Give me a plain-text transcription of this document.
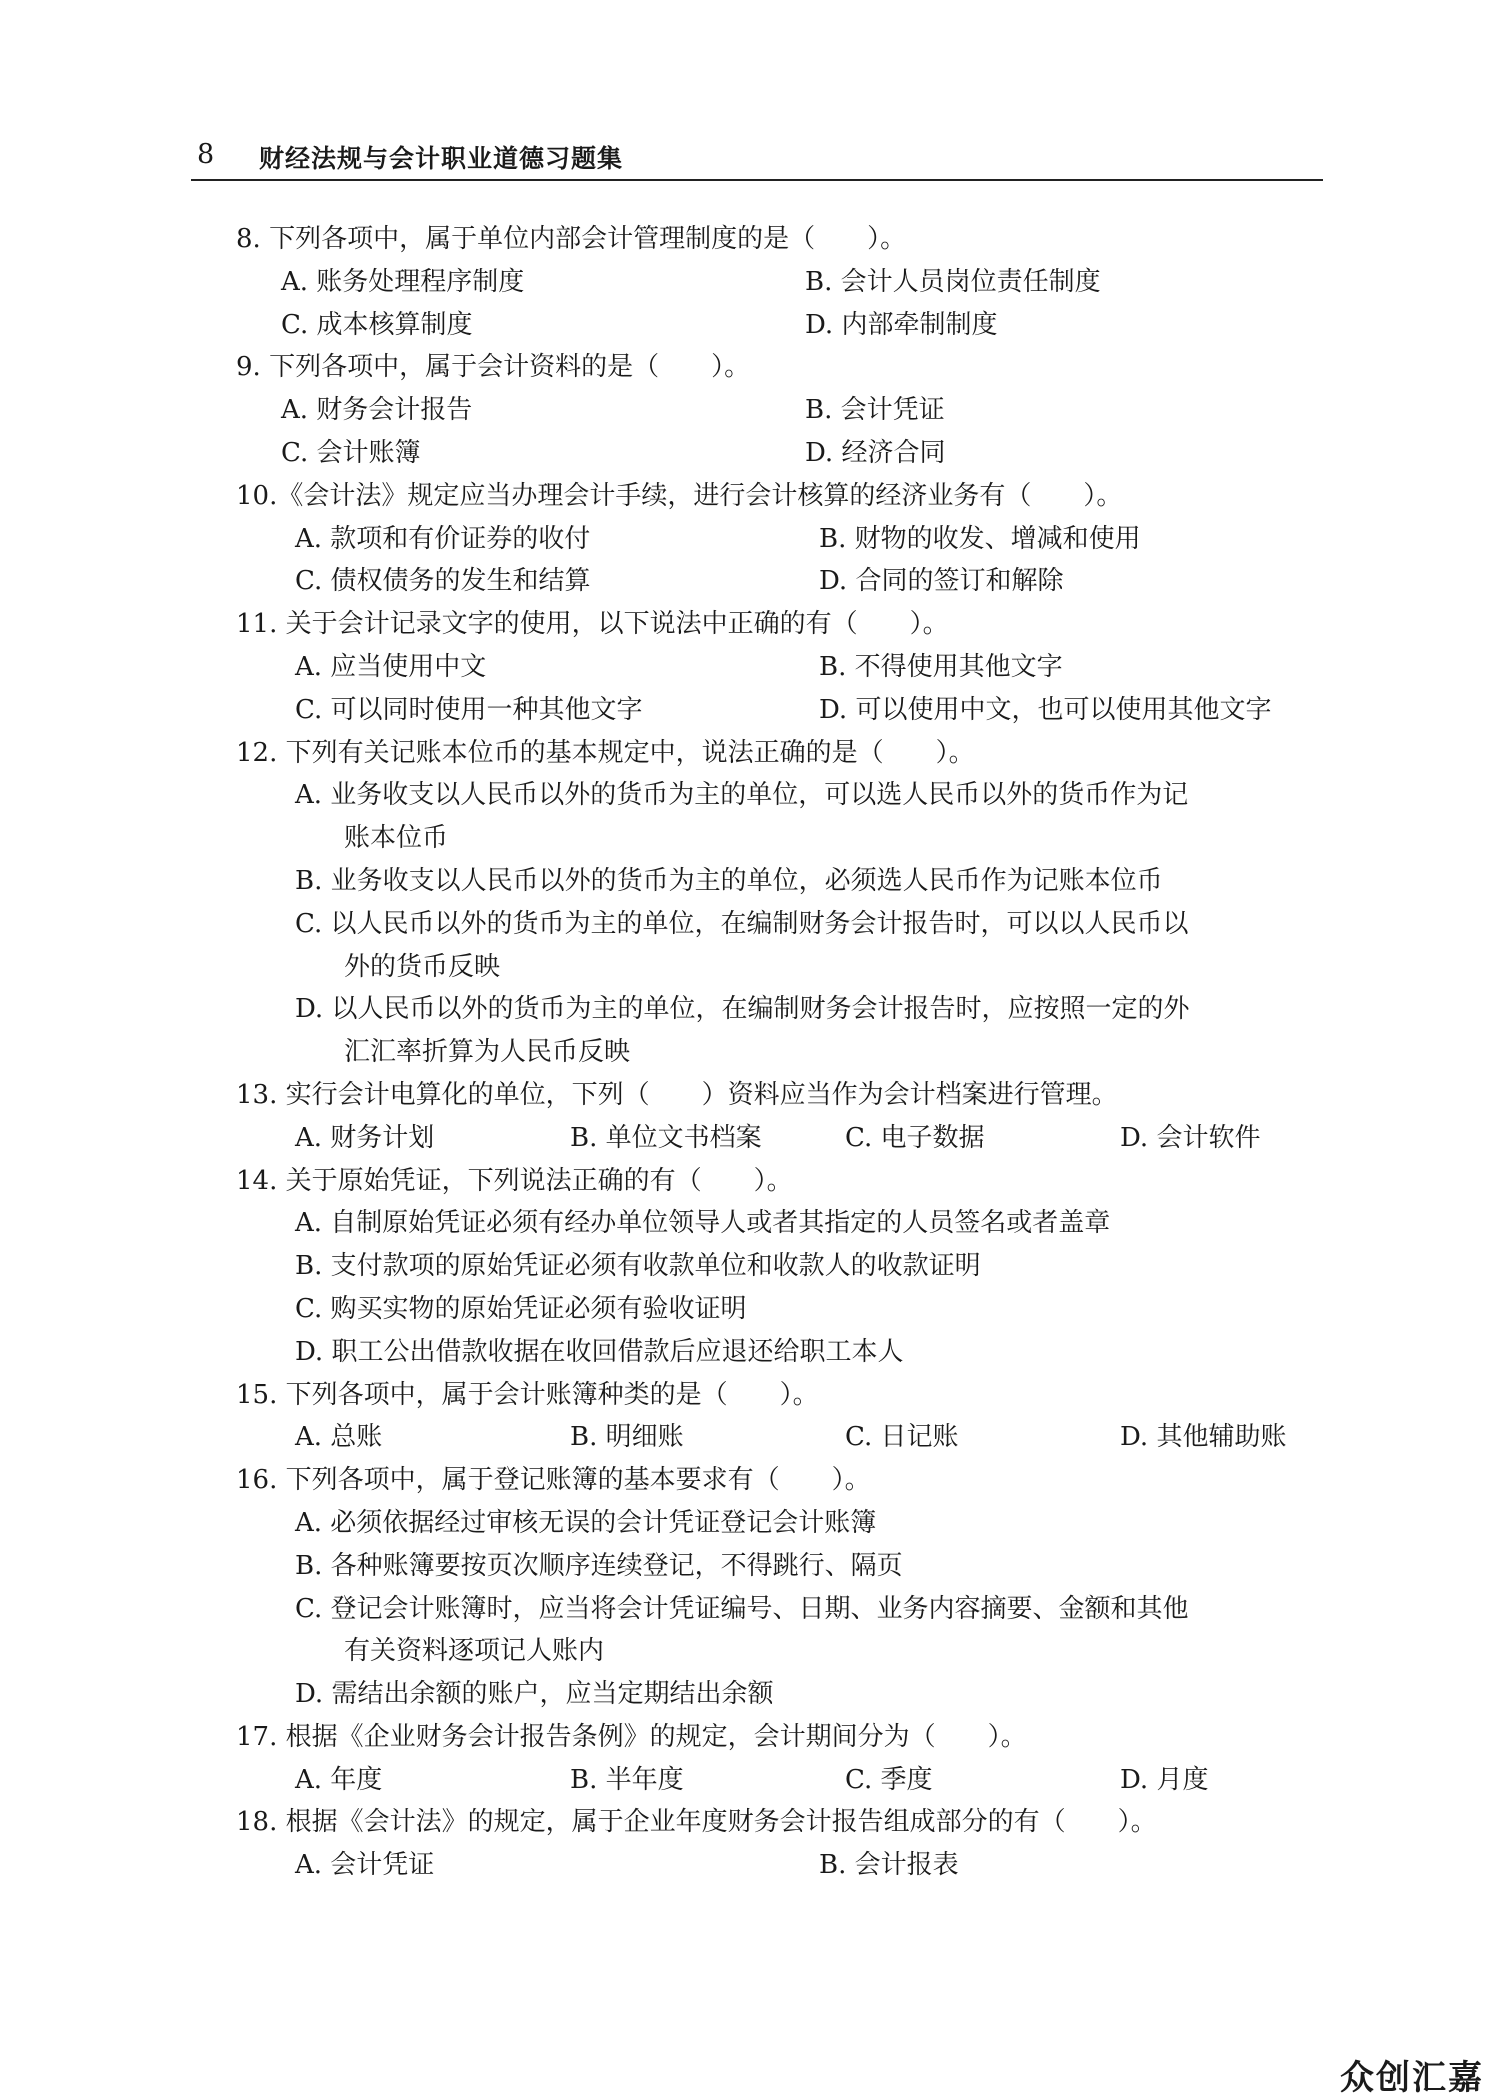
8 财经法规与会计职业道德习题集
8. 下列各项中，属于单位内部会计管理制度的是（　　）。
A. 账务处理程序制度	B. 会计人员岗位责任制度
C. 成本核算制度	D. 内部牵制制度
9. 下列各项中，属于会计资料的是（　　）。
A. 财务会计报告	B. 会计凭证
C. 会计账簿	D. 经济合同
10.《会计法》规定应当办理会计手续，进行会计核算的经济业务有（　　）。
A. 款项和有价证券的收付	B. 财物的收发、增减和使用
C. 债权债务的发生和结算	D. 合同的签订和解除
11. 关于会计记录文字的使用，以下说法中正确的有（　　）。
A. 应当使用中文	B. 不得使用其他文字
C. 可以同时使用一种其他文字	D. 可以使用中文，也可以使用其他文字
12. 下列有关记账本位币的基本规定中，说法正确的是（　　）。
A. 业务收支以人民币以外的货币为主的单位，可以选人民币以外的货币作为记
账本位币
B. 业务收支以人民币以外的货币为主的单位，必须选人民币作为记账本位币
C. 以人民币以外的货币为主的单位，在编制财务会计报告时，可以以人民币以
外的货币反映
D. 以人民币以外的货币为主的单位，在编制财务会计报告时，应按照一定的外
汇汇率折算为人民币反映
13. 实行会计电算化的单位，下列（　　）资料应当作为会计档案进行管理。
A. 财务计划	B. 单位文书档案	C. 电子数据	D. 会计软件
14. 关于原始凭证，下列说法正确的有（　　）。
A. 自制原始凭证必须有经办单位领导人或者其指定的人员签名或者盖章
B. 支付款项的原始凭证必须有收款单位和收款人的收款证明
C. 购买实物的原始凭证必须有验收证明
D. 职工公出借款收据在收回借款后应退还给职工本人
15. 下列各项中，属于会计账簿种类的是（　　）。
A. 总账	B. 明细账	C. 日记账	D. 其他辅助账
16. 下列各项中，属于登记账簿的基本要求有（　　）。
A. 必须依据经过审核无误的会计凭证登记会计账簿
B. 各种账簿要按页次顺序连续登记，不得跳行、隔页
C. 登记会计账簿时，应当将会计凭证编号、日期、业务内容摘要、金额和其他
有关资料逐项记人账内
D. 需结出余额的账户，应当定期结出余额
17. 根据《企业财务会计报告条例》的规定，会计期间分为（　　）。
A. 年度	B. 半年度	C. 季度	D. 月度
18. 根据《会计法》的规定，属于企业年度财务会计报告组成部分的有（　　）。
A. 会计凭证	B. 会计报表
众创汇嘉
